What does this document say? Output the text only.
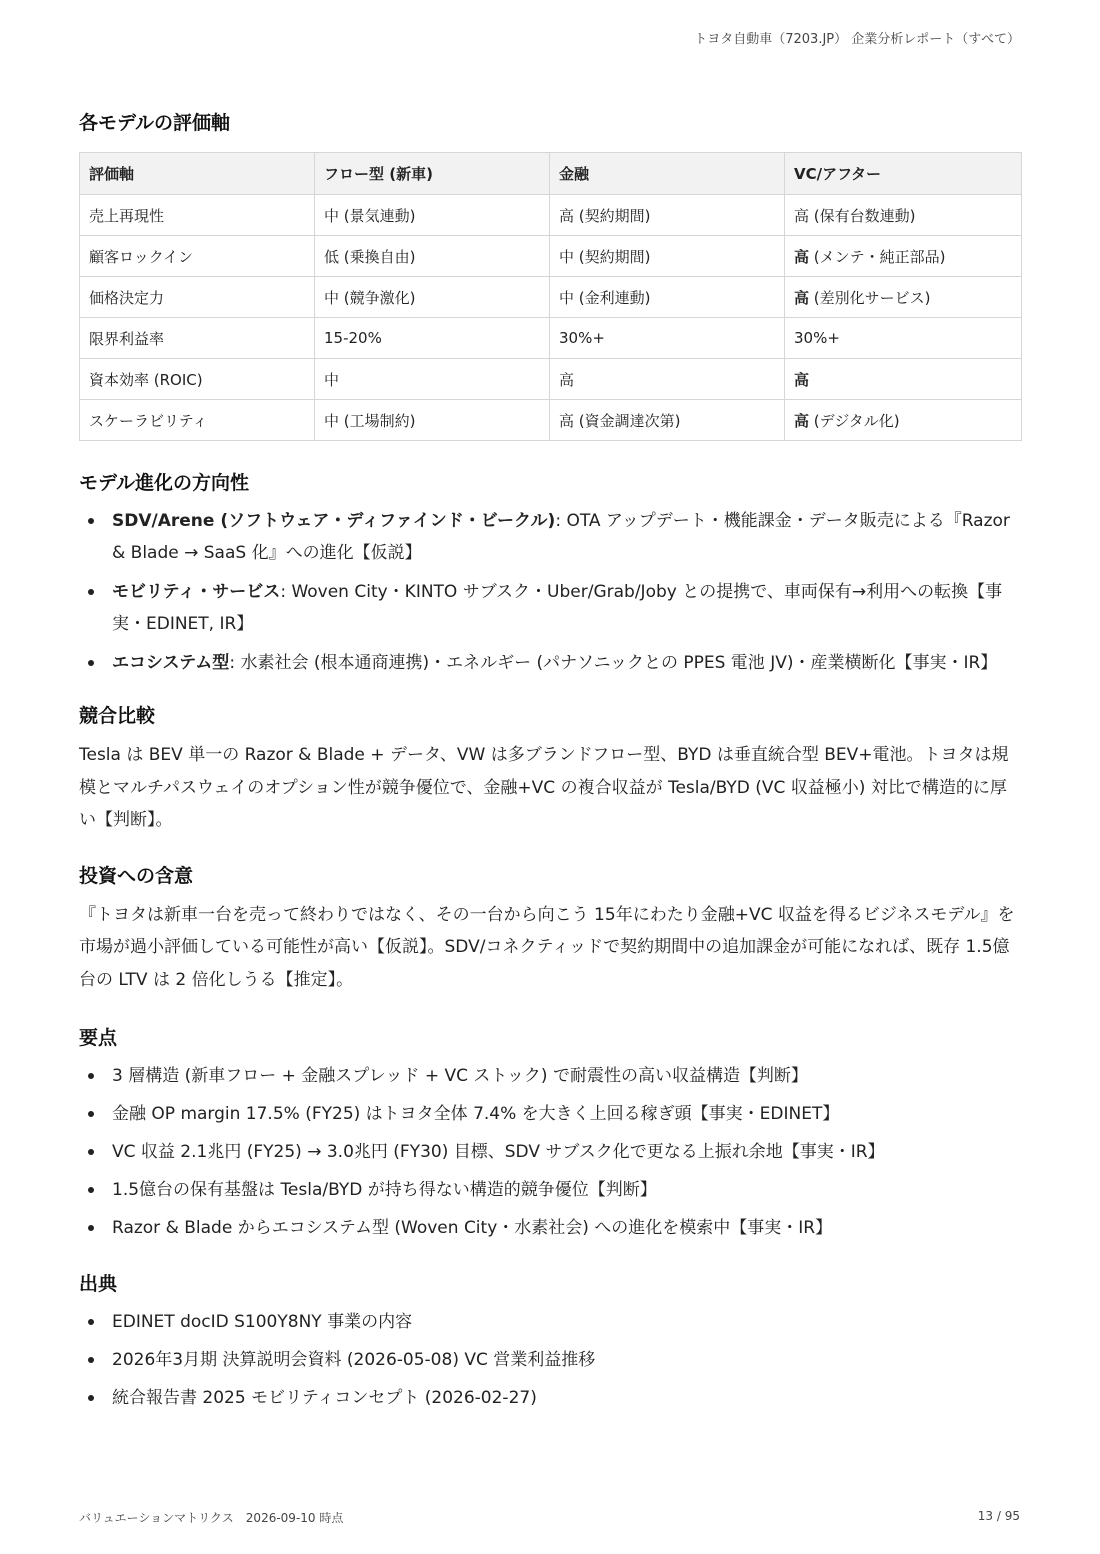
トヨタ自動車（7203.JP） 企業分析レポート（すべて）
各モデルの評価軸
評価軸	フロー型 (新車)	金融	VC/アフター
売上再現性	中 (景気連動)	高 (契約期間)	高 (保有台数連動)
顧客ロックイン	低 (乗換自由)	中 (契約期間)	高 (メンテ・純正部品)
価格決定力	中 (競争激化)	中 (金利連動)	高 (差別化サービス)
限界利益率	15-20%	30%+	30%+
資本効率 (ROIC)	中	高	高
スケーラビリティ	中 (工場制約)	高 (資金調達次第)	高 (デジタル化)
モデル進化の方向性
SDV/Arene (ソフトウェア・ディファインド・ビークル): OTA アップデート・機能課金・データ販売による『Razor & Blade → SaaS 化』への進化【仮説】
モビリティ・サービス: Woven City・KINTO サブスク・Uber/Grab/Joby との提携で、車両保有→利用への転換【事実・EDINET, IR】
エコシステム型: 水素社会 (根本通商連携)・エネルギー (パナソニックとの PPES 電池 JV)・産業横断化【事実・IR】
競合比較

Tesla は BEV 単一の Razor & Blade + データ、VW は多ブランドフロー型、BYD は垂直統合型 BEV+電池。トヨタは規模とマルチパスウェイのオプション性が競争優位で、金融+VC の複合収益が Tesla/BYD (VC 収益極小) 対比で構造的に厚い【判断】。

投資への含意

『トヨタは新車一台を売って終わりではなく、その一台から向こう 15年にわたり金融+VC 収益を得るビジネスモデル』を市場が過小評価している可能性が高い【仮説】。SDV/コネクティッドで契約期間中の追加課金が可能になれば、既存 1.5億台の LTV は 2 倍化しうる【推定】。

要点
3 層構造 (新車フロー + 金融スプレッド + VC ストック) で耐震性の高い収益構造【判断】
金融 OP margin 17.5% (FY25) はトヨタ全体 7.4% を大きく上回る稼ぎ頭【事実・EDINET】
VC 収益 2.1兆円 (FY25) → 3.0兆円 (FY30) 目標、SDV サブスク化で更なる上振れ余地【事実・IR】
1.5億台の保有基盤は Tesla/BYD が持ち得ない構造的競争優位【判断】
Razor & Blade からエコシステム型 (Woven City・水素社会) への進化を模索中【事実・IR】
出典
EDINET docID S100Y8NY 事業の内容
2026年3月期 決算説明会資料 (2026-05-08) VC 営業利益推移
統合報告書 2025 モビリティコンセプト (2026-02-27)
バリュエーションマトリクス　2026-09-10 時点	13 / 95
